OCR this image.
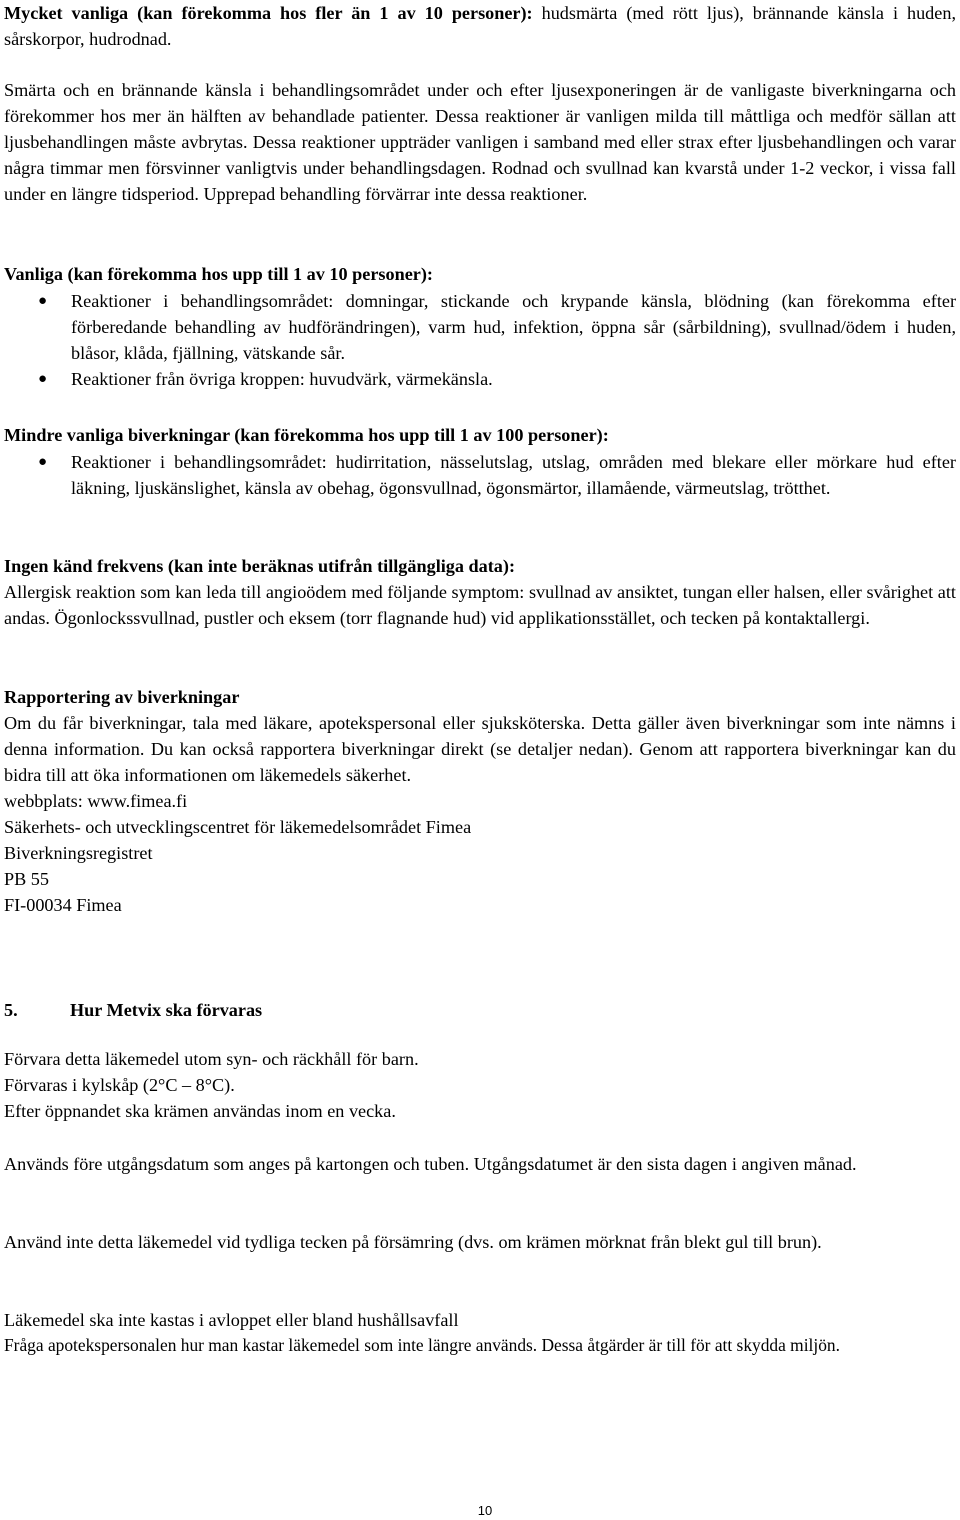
Mycket vanliga (kan förekomma hos fler än 1 av 10 personer): hudsmärta (med rött ljus), brännande känsla i huden, sårskorpor, hudrodnad.

Smärta och en brännande känsla i behandlingsområdet under och efter ljusexponeringen är de vanligaste biverkningarna och förekommer hos mer än hälften av behandlade patienter. Dessa reaktioner är vanligen milda till måttliga och medför sällan att ljusbehandlingen måste avbrytas. Dessa reaktioner uppträder vanligen i samband med eller strax efter ljusbehandlingen och varar några timmar men försvinner vanligtvis under behandlingsdagen. Rodnad och svullnad kan kvarstå under 1-2 veckor, i vissa fall under en längre tidsperiod. Upprepad behandling förvärrar inte dessa reaktioner.

Vanliga (kan förekomma hos upp till 1 av 10 personer):

● Reaktioner i behandlingsområdet: domningar, stickande och krypande känsla, blödning (kan förekomma efter förberedande behandling av hudförändringen), varm hud, infektion, öppna sår (sårbildning), svullnad/ödem i huden, blåsor, klåda, fjällning, vätskande sår.
● Reaktioner från övriga kroppen: huvudvärk, värmekänsla.

Mindre vanliga biverkningar (kan förekomma hos upp till 1 av 100 personer):

● Reaktioner i behandlingsområdet: hudirritation, nässelutslag, utslag, områden med blekare eller mörkare hud efter läkning, ljuskänslighet, känsla av obehag, ögonsvullnad, ögonsmärtor, illamående, värmeutslag, trötthet.

Ingen känd frekvens (kan inte beräknas utifrån tillgängliga data):

Allergisk reaktion som kan leda till angioödem med följande symptom: svullnad av ansiktet, tungan eller halsen, eller svårighet att andas. Ögonlockssvullnad, pustler och eksem (torr flagnande hud) vid applikationsstället, och tecken på kontaktallergi.

Rapportering av biverkningar

Om du får biverkningar, tala med läkare, apotekspersonal eller sjuksköterska. Detta gäller även biverkningar som inte nämns i denna information. Du kan också rapportera biverkningar direkt (se detaljer nedan). Genom att rapportera biverkningar kan du bidra till att öka informationen om läkemedels säkerhet.

webbplats: www.fimea.fi
Säkerhets- och utvecklingscentret för läkemedelsområdet Fimea
Biverkningsregistret
PB 55
FI-00034 Fimea
5.	Hur Metvix ska förvaras
Förvara detta läkemedel utom syn- och räckhåll för barn.
Förvaras i kylskåp (2°C – 8°C).
Efter öppnandet ska krämen användas inom en vecka.

Används före utgångsdatum som anges på kartongen och tuben. Utgångsdatumet är den sista dagen i angiven månad.

Använd inte detta läkemedel vid tydliga tecken på försämring (dvs. om krämen mörknat från blekt gul till brun).

Läkemedel ska inte kastas i avloppet eller bland hushållsavfall

Fråga apotekspersonalen hur man kastar läkemedel som inte längre används. Dessa åtgärder är till för att skydda miljön.

10
